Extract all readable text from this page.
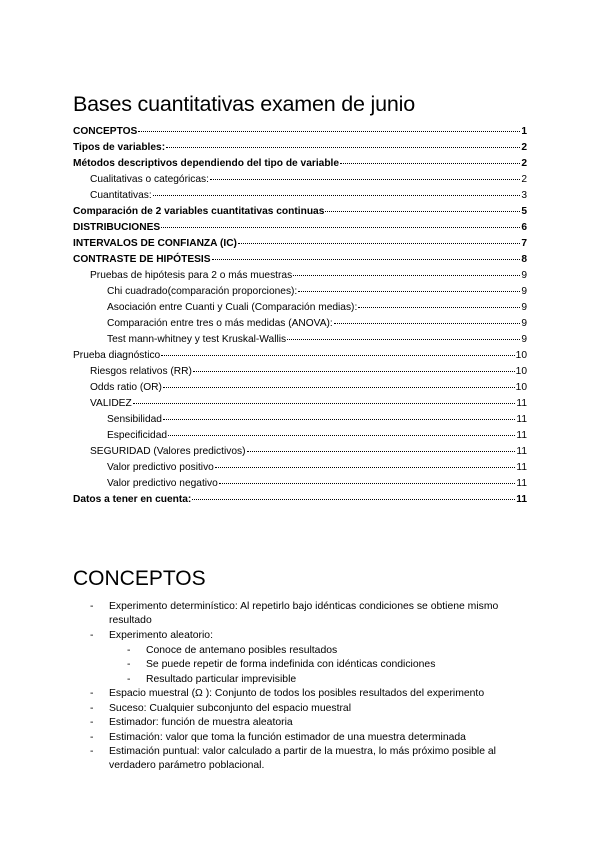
Bases cuantitativas examen de junio
CONCEPTOS	1
Tipos de variables:	2
Métodos descriptivos dependiendo del tipo de variable	2
Cualitativas o categóricas:	2
Cuantitativas:	3
Comparación de 2 variables cuantitativas continuas	5
DISTRIBUCIONES	6
INTERVALOS DE CONFIANZA (IC)	7
CONTRASTE DE HIPÓTESIS	8
Pruebas de hipótesis para 2 o más muestras	9
Chi cuadrado(comparación proporciones):	9
Asociación entre Cuanti y Cuali (Comparación medias):	9
Comparación entre tres o más medidas (ANOVA):	9
Test mann-whitney y test Kruskal-Wallis	9
Prueba diagnóstico	10
Riesgos relativos (RR)	10
Odds ratio (OR)	10
VALIDEZ	11
Sensibilidad	11
Especificidad	11
SEGURIDAD (Valores predictivos)	11
Valor predictivo positivo	11
Valor predictivo negativo	11
Datos a tener en cuenta:	11
CONCEPTOS
- Experimento determinístico: Al repetirlo bajo idénticas condiciones se obtiene mismo resultado
- Experimento aleatorio:
- Conoce de antemano posibles resultados
- Se puede repetir de forma indefinida con idénticas condiciones
- Resultado particular imprevisible
- Espacio muestral (Ω ): Conjunto de todos los posibles resultados del experimento
- Suceso: Cualquier subconjunto del espacio muestral
- Estimador: función de muestra aleatoria
- Estimación: valor que toma la función estimador de una muestra determinada
- Estimación puntual: valor calculado a partir de la muestra, lo más próximo posible al verdadero parámetro poblacional.
